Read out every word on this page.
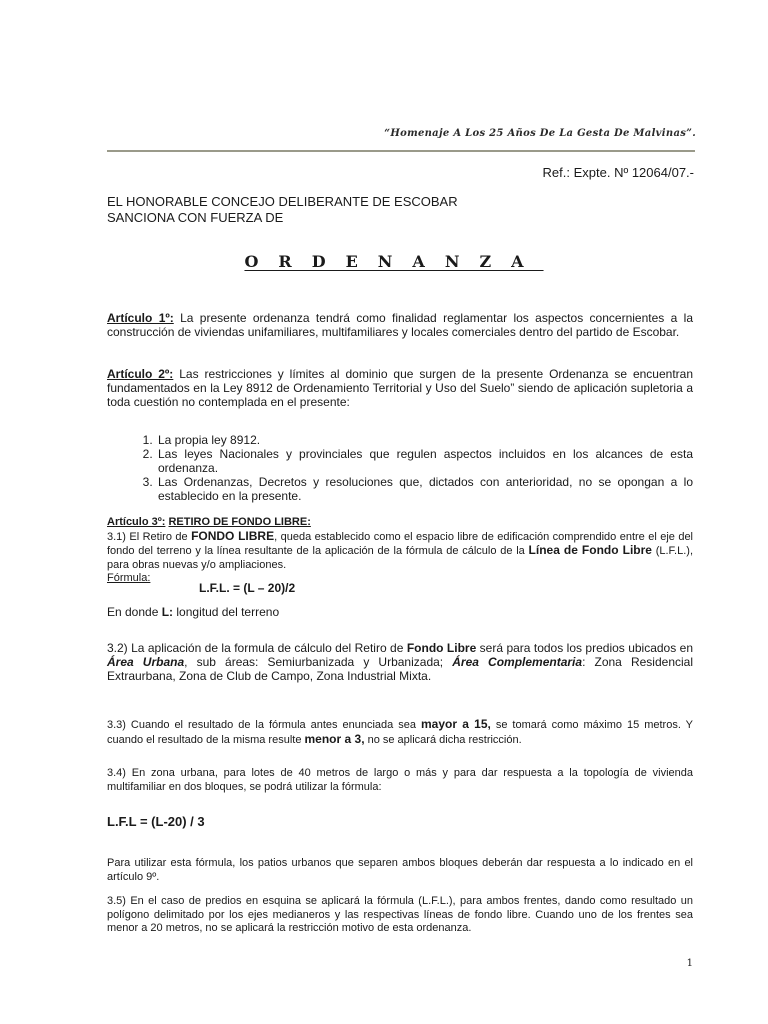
“Homenaje A Los 25 Años De La Gesta De Malvinas”.
Ref.: Expte. Nº 12064/07.-
EL HONORABLE CONCEJO DELIBERANTE DE ESCOBAR
SANCIONA CON FUERZA DE
ORDENANZA
Artículo 1º: La presente ordenanza tendrá como finalidad reglamentar los aspectos concernientes a la construcción de viviendas unifamiliares, multifamiliares y locales comerciales dentro del partido de Escobar.
Artículo 2º: Las restricciones y límites al dominio que surgen de la presente Ordenanza se encuentran fundamentados en la Ley 8912 de Ordenamiento Territorial y Uso del Suelo” siendo de aplicación supletoria a toda cuestión no contemplada en el presente:
1. La propia ley 8912.
2. Las leyes Nacionales y provinciales que regulen aspectos incluidos en los alcances de esta ordenanza.
3. Las Ordenanzas, Decretos y resoluciones que, dictados con anterioridad, no se opongan a lo establecido en la presente.
Artículo 3º: RETIRO DE FONDO LIBRE:
3.1) El Retiro de FONDO LIBRE, queda establecido como el espacio libre de edificación comprendido entre el eje del fondo del terreno y la línea resultante de la aplicación de la fórmula de cálculo de la Línea de Fondo Libre (L.F.L.), para obras nuevas y/o ampliaciones.
Fórmula:
L.F.L. = (L – 20)/2
En donde L: longitud del terreno
3.2) La aplicación de la formula de cálculo del Retiro de Fondo Libre será para todos los predios ubicados en Área Urbana, sub áreas: Semiurbanizada y Urbanizada; Área Complementaria: Zona Residencial Extraurbana, Zona de Club de Campo, Zona Industrial Mixta.
3.3) Cuando el resultado de la fórmula antes enunciada sea mayor a 15, se tomará como máximo 15 metros. Y cuando el resultado de la misma resulte menor a 3, no se aplicará dicha restricción.
3.4) En zona urbana, para lotes de 40 metros de largo o más y para dar respuesta a la topología de vivienda multifamiliar en dos bloques, se podrá utilizar la fórmula:
L.F.L = (L-20) / 3
Para utilizar esta fórmula, los patios urbanos que separen ambos bloques deberán dar respuesta a lo indicado en el artículo 9º.
3.5) En el caso de predios en esquina se aplicará la fórmula (L.F.L.), para ambos frentes, dando como resultado un polígono delimitado por los ejes medianeros y las respectivas líneas de fondo libre. Cuando uno de los frentes sea menor a 20 metros, no se aplicará la restricción motivo de esta ordenanza.
1
